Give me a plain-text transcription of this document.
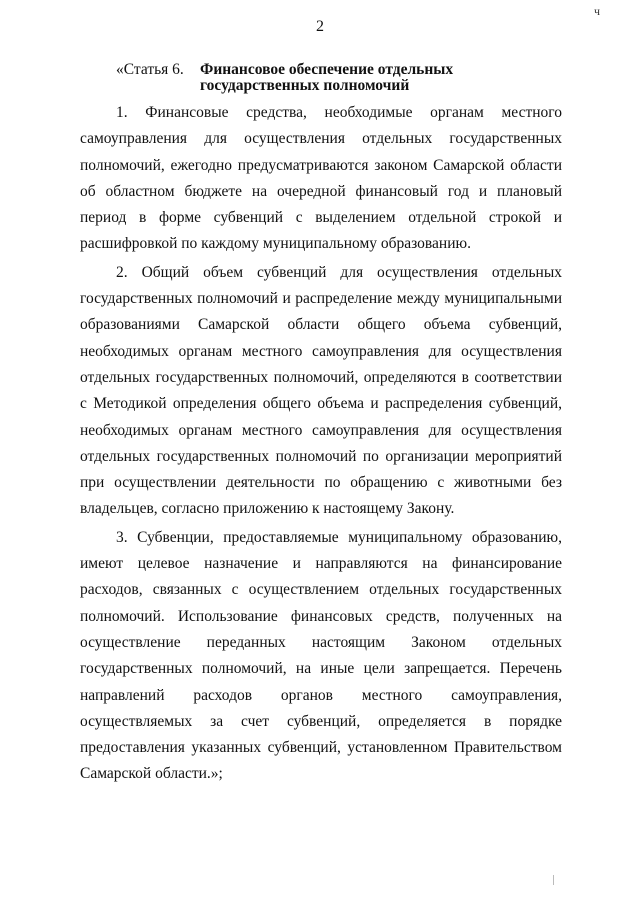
ч
2
«Статья 6. Финансовое обеспечение отдельных
государственных полномочий

1. Финансовые средства, необходимые органам местного самоуправления для осуществления отдельных государственных полномочий, ежегодно предусматриваются законом Самарской области об областном бюджете на очередной финансовый год и плановый период в форме субвенций с выделением отдельной строкой и расшифровкой по каждому муниципальному образованию.

2. Общий объем субвенций для осуществления отдельных государственных полномочий и распределение между муниципальными образованиями Самарской области общего объема субвенций, необходимых органам местного самоуправления для осуществления отдельных государственных полномочий, определяются в соответствии с Методикой определения общего объема и распределения субвенций, необходимых органам местного самоуправления для осуществления отдельных государственных полномочий по организации мероприятий при осуществлении деятельности по обращению с животными без владельцев, согласно приложению к настоящему Закону.

3. Субвенции, предоставляемые муниципальному образованию, имеют целевое назначение и направляются на финансирование расходов, связанных с осуществлением отдельных государственных полномочий. Использование финансовых средств, полученных на осуществление переданных настоящим Законом отдельных государственных полномочий, на иные цели запрещается. Перечень направлений расходов органов местного самоуправления, осуществляемых за счет субвенций, определяется в порядке предоставления указанных субвенций, установленном Правительством Самарской области.»;
